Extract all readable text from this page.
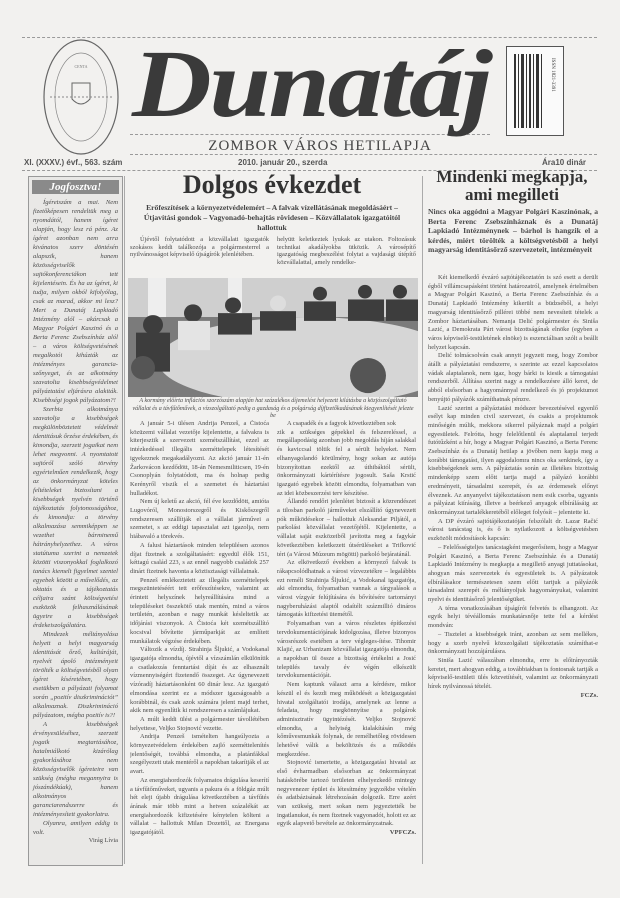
CENTA Dunatáj	ISSN 1821-3391
ZOMBOR VÁROS HETILAPJA
XI. (XXXV.) évf., 563. szám	2010. január 20., szerda	Ára10 dinár
Jogfosztva!

Ígéretszám a mai. Nem fizetőképesen rendeltük meg a nyomdától, hanem ígéret alapján, hogy lesz rá pénz. Az ígéret azonban nem arra kivánatos szerv döntésén alapszik, hanem közösségviselők sajtókonferenciákon tett kijelentésein. És ha az ígéret, ki tudja, milyen okból kifolyólag, csak az marad, akkor mi lesz? Mert a Dunatáj Lapkiadó Intézmény alól – akárcsak a Magyar Polgári Kaszinó és a Berta Ferenc Zsebszínház alól – a város költségvetésének megalkotói kihúzták az intézményes garancia-szőnyeget, és az alkotmány szavatolta kisebbségvédelmet pályáztatási eljárásra alakiták. Kisebbségi jogok pályázatom?!

Szerbia alkotmánya szavatolja a kisebbségek megkülönböztetett védelmét identitásuk őrzése érdekében, és kimondja, szerzett jogaikat nem lehet megvonni. A nyomtatott sajtóról szóló törvény egyértelműen rendelkezik, hogy az önkormányzat köteles feltételeket biztosítani a kisebbségek nyelvén történő tájékoztatás folytonosságához, és kimondja: a törvény alkalmazása semmiképpen se vezethet bárminemű hátrányhelyzethez. A város statútuma szerint a nemzetek közötti viszonyokkal foglalkozó tanács kiemelt figyelmet szentel egyebek között a művelődés, az oktatás és a tájékoztatás céljaira szánt költségvetési eszközök felhasználásának ügyeire a kisebbségek érdekeiszolgálatára.

Mindezek méltányolása helyett a helyi magyarság identitását őrző, kultúráját, nyelvét ápoló intézményeit törölték a költségvetésből olyan ígéret kíséretében, hogy esetükben a pályázati folyamat során „pozitív diszkriminációt” alkalmaznak. Diszkrimináció pályázatom, mégha pozitív is?!

A kisebbségek érvényesüléséhez, szerzett jogaik megtartásához, hatalmiálkotó kizárólag gyakorlásához nem közösségviselők ígéreteire van szükség (mégha megannyira is jószándékúak), hanem alkotmányos garanciarendszerre és intézményesített gyakorlatra.

Olyanra, amilyen eddig is volt.

Virág Lívia
Dolgos évkezdet
Erőfeszítések a környezetvédelemért – A falvak vízellátásának megoldásáért – Útjavítási gondok – Vagyonadó-behajtás rövidesen – Közvállalatok igazgatóitól hallottuk

Újévtől folytatódott a közvállalati igazgatók szokásos keddi találkozója a polgármesterrel a nyilvánosságot képviselő újságírók jelenlétében.

helyütt keletkeztek lyukak az utakon. Foltozásuk technikai akadályokba ütközik. A városépítő igazgatóság megbeszélést folytat a vajdasági útépítő közvállalattal, amely rendelke-

A kormány előírta inflációs szorzószám alapján hat százalékos díjemelést helyezett kilátásba a közjószolgáltató vállalat és a távfűtőművek, a vízszolgáltató pedig a gazdaság és a polgárság díjfizetőkadásának kiegyenlítését jelezte be

A január 5-i ülésen Andrija Penzeš, a Čistoća közüzemi vállalat vezetője kijelentette, a falvakra is kiterjesztik a szervezett szemétszállítást, ezzel az intézkedéssel illegális szeméttelepek létesítését igyekeznek megakadályozni. Az akció január 11-én Žarkovácon kezdődött, 18-án Nemesmiliticsen, 19-én Csonoplyán folytatódott, ma és holnap pedig Kerényről viszik el a szemetet és háztartási hulladékot.

Nem új keletű az akció, fél éve kezdődött, amióta Lugovóról, Monostorszegről és Kiskőszegről rendszeresen szállítják el a vállalat járművei a szemetet, s az eddigi tapasztalat azt igazolja, nem hiábavaló a törekvés.

A falusi háztartások minden településen azonos díjat fizetnek a szolgáltatásért: egyedül élők 151, kéttagú család 223, s az ennél nagyobb családok 257 dinárt fizetnek havonta a köztisztasági vállalatnak.

Penzeš emlékeztetett az illegális szeméttelepek megszüntetéséért tett erőfeszítésekre, valamint az érintett helyszínek helyreállítására mind a településeket összekötő utak mentén, mind a város területén, azonban e nagy munkát késleltetik az időjárási viszonyok. A Čistoća két szemétszállító kocsival bővítette járműparkját az említett munkálatok végzése érdekében.

Változik a vízdíj. Strahinja Šljukić, a Vodokanal igazgatója elmondta, újévtől a vízszámlán elkülönítik a csatlakozás fenntartási díját és az elhasznált vízmennyiségért fizetendő összeget. Az úgynevezett vízóradíj háztartásonként 60 dinár lesz. Az igazgató elmondása szerint ez a módszer igazságosabb a korábbinál, és csak azok számára jelent majd terhet, akik nem egyenlítik ki rendszeresen a számlájukat.

A múlt keddi ülést a polgármester távollétében helyettese, Veljko Stojnović vezette.

Andrija Penzeš ismételten hangsúlyozta a környezetvédelem érdekében zajló szeméttelenítés jelentőségét, továbbá elmondta, a platánfákkal szegélyezett utak mentéről a napokban takarítják el az avart.

Az energiahordozók folyamatos drágulása keserítí a távfűtőműveket, ugyanis a pakura és a földgáz múlt hét eleji újabb drágulása következtében a távfűtés árának már több mint a hetven százalékát az energiahordozók kifizetésére kénytelen költeni a vállalat – hallottuk Milan Dozettől, az Energana igazgatójától.

A csapadék és a fagyok következtében sok

zik a szükséges gépekkel és felszereléssel, a megállapodásig azonban jobb megoldás híján salakkal és kaviccsal töltik fel a sérült helyeket. Nem elhanyagolandó körülmény, hogy sokan az autója bizonyítottan ezektől az úthibáktól sérült, önkormányzati kártérítésre jogosult. Saša Krstić igazgató egyebek között elmondta, folyamatban van az idei közbeszerzési terv készítése.

Állandó rendőri jelenlétet biztosít a közrendészet a tilosban parkoló járműveket elszállító úgynevezett pók működésekor – hallottuk Aleksandar Piljától, a parkolási közvállalat vezetőjétől. Kijelentette, a vállalat saját eszközeiből javította meg a fagykár következtében keletkezett útsérüléseket a Trifković téri (a Városi Múzeum mögötti) parkoló bejáratánál.

Az elkövetkező években a környező falvak is rákapcsolódhatnak a városi vízvezetékre – legalábbis ezt reméli Strahinja Šljukić, a Vodokanal igazgatója, aki elmondta, folyamatban vannak a tárgyalások a városi vízgyár felújítására és bővítésére tartományi nagyberuházási alaptól odaítélt százmillió dináros támogatás kifizetési ütemétől.

Folyamatban van a város részletes építkezési tervdokumentációjának kidolgozása, illetve bizonyos városrészek esetében a terv végleges-ítése. Tihomir Klajić, az Urbanizam közvállalat igazgatója elmondta, a napokban ül össze a bizottság értékelni a Josić település tavaly év végén elkészült tervdokumentációját.

Nem kaptunk választ arra a kérdésre, mikor készül el és kezdi meg működését a közigazgatási hivatal szolgáltatói irodája, amelynek az lenne a feladata, hogy megkönnyítse a polgárok adminisztratív ügyintézését. Veljko Stojnović elmondta, a helyiség kialakításán még kőművesmunkák folynak, de remélhetőleg rövidesen lehetővé válik a beköltözés és a működés megkezdése.

Stojnović ismertette, a közigazgatási hivatal az első évharmadban elsősorban az önkormányzat hatáskörébe tartozó területen elhelyezkedő mintegy negyvenezer épület és létesítmény jegyzékbe vételén és adatbázisának létrehozásán dolgozik. Erre azért van szükség, mert sokan nem jegyeztették be ingatlanukat, és nem fizetnek vagyonadót, holott ez az egyik alapvető bevétele az önkormányzatnak.

VPFCZs.

Mindenki megkapja, ami megilleti
Nincs oka aggódni a Magyar Polgári Kaszinónak, a Berta Ferenc Zsebszínháznak és a Dunatáj Lapkiadó Intézménynek – bárhol is hangzik el a kérdés, miért törölték a költségvetésből a helyi magyarság identitásőrző szervezeteit, intézményeit

Két kiemelkedő évzáró sajtótájékoztatón is szó esett a derült égből villámcsapásként történt határozatról, amelynek értelmében a Magyar Polgári Kaszinó, a Berta Ferenc Zsebszínház és a Dunatáj Lapkiadó Intézmény kikerült a büdzséből, a helyi magyarság identitásőrző pillérei többé nem nevesített tételek a Zombor háztartásában. Nemanja Delić polgármester és Siniša Lazić, a Demokrata Párt városi bizottságának elnöke (egyben a város képviselő-testületének elnöke) is eszenciálisan szólt a beállt helyzet kapcsán.

Delić tolmácsolván csak annyit jegyzett meg, hogy Zombor átállt a pályáztatási rendszerre, s szerinte az ezzel kapcsolatos vádak alaptalanok, nem igaz, hogy bárki is kiesik a támogatási rendszerből. Állítása szerint nagy a rendelkezésre álló keret, de abból elsősorban a hagyománnyal rendelkező és jó projektumot benyújtó pályázók számíthatnak pénzre.

Lazić szerint a pályáztatási módszer bevezetésével egyenlő esélyt kap minden civil szervezet, és csakis a projektumok minőségén múlik, mekkora sikerrel pályáznak majd a polgári egyesületek. Felrótta, hogy felelőtlenül és alaptalanul terjedt futótűzként a hír, hogy a Magyar Polgári Kaszinó, a Berta Ferenc Zsebszínház és a Dunatáj hetilap a jövőben nem kapja meg a korábbi támogatást, ilyen aggodalomra nincs oka senkinek, így a kisebbségeknek sem. A pályáztatás során az illetékes bizottság mindenképp szem előtt tartja majd a pályázó korábbi eredményeit, társadalmi szerepét, és az érdemesek előnyt élveznek. Az anyanyelvi tájékoztatáson nem esik csorba, ugyanis a pályázat kiírásáig, illetve a beérkező anyagok elbírálásáig az önkormányzat tartalékkeretéből előleget folyósít – jelentette ki.

A DP évzáró sajtótájékoztatóján felszólalt dr. Lazar Račić városi tanácstag is, és ő is nyilatkozott a költségvetésben eszközölt módosítások kapcsán:

– Felelősségteljes tanácstagként megerősítem, hogy a Magyar Polgári Kaszinó, a Berta Ferenc Zsebszínház és a Dunatáj Lapkiadó Intézmény is megkapja a megillető anyagi juttatásokat, ahogyan más szervezetek és egyesületek is. A pályázatok elbírálásakor természetesen szem előtt tartjuk a pályázók társadalmi szerepét és méltányoljuk hagyományukat, valamint nyelvi és identitásőrző jelentőségüket.

A téma vonatkozásában újságírói felvetés is elhangzott. Az egyik helyi tévéállomás munkatársnője tette fel a kérdést mondván:

– Tisztelet a kisebbségek iránt, azonban az sem mellékes, hogy a szerb nyelvű közszolgálati tájékoztatás számíthat-e önkormányzati hozzájárulásra.

Siniša Lazić válaszában elmondta, erre is előirányozták keretet, mert ahogyan eddig, a továbbiakban is fontosnak tartják a képviselő-testületi ülés közvetítését, valamint az önkormányzati hírek nyilvánossá tételét.

FCZs.
